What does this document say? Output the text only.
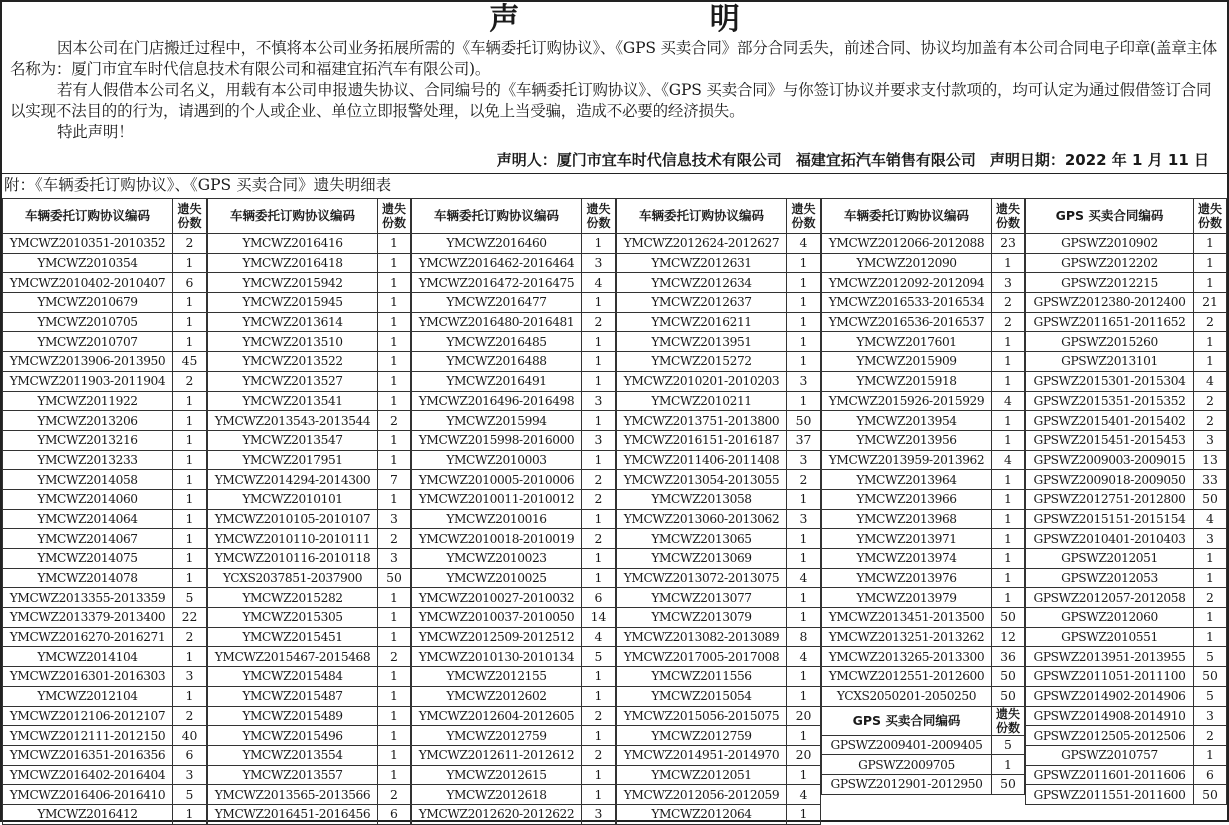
声 明

因本公司在门店搬迁过程中，不慎将本公司业务拓展所需的《车辆委托订购协议》、《GPS 买卖合同》部分合同丢失，前述合同、协议均加盖有本公司合同电子印章(盖章主体名称为：厦门市宜车时代信息技术有限公司和福建宜拓汽车有限公司)。

若有人假借本公司名义，用载有本公司申报遗失协议、合同编号的《车辆委托订购协议》、《GPS 买卖合同》与你签订协议并要求支付款项的，均可认定为通过假借签订合同以实现不法目的的行为，请遇到的个人或企业、单位立即报警处理，以免上当受骗，造成不必要的经济损失。

特此声明！

声明人：厦门市宜车时代信息技术有限公司 福建宜拓汽车销售有限公司 声明日期：2022 年 1 月 11 日
附：《车辆委托订购协议》、《GPS 买卖合同》遗失明细表
车辆委托订购协议编码	遗失份数
YMCWZ2010351-2010352	2
YMCWZ2010354	1
YMCWZ2010402-2010407	6
YMCWZ2010679	1
YMCWZ2010705	1
YMCWZ2010707	1
YMCWZ2013906-2013950	45
YMCWZ2011903-2011904	2
YMCWZ2011922	1
YMCWZ2013206	1
YMCWZ2013216	1
YMCWZ2013233	1
YMCWZ2014058	1
YMCWZ2014060	1
YMCWZ2014064	1
YMCWZ2014067	1
YMCWZ2014075	1
YMCWZ2014078	1
YMCWZ2013355-2013359	5
YMCWZ2013379-2013400	22
YMCWZ2016270-2016271	2
YMCWZ2014104	1
YMCWZ2016301-2016303	3
YMCWZ2012104	1
YMCWZ2012106-2012107	2
YMCWZ2012111-2012150	40
YMCWZ2016351-2016356	6
YMCWZ2016402-2016404	3
YMCWZ2016406-2016410	5
YMCWZ2016412	1
车辆委托订购协议编码	遗失份数
YMCWZ2016416	1
YMCWZ2016418	1
YMCWZ2015942	1
YMCWZ2015945	1
YMCWZ2013614	1
YMCWZ2013510	1
YMCWZ2013522	1
YMCWZ2013527	1
YMCWZ2013541	1
YMCWZ2013543-2013544	2
YMCWZ2013547	1
YMCWZ2017951	1
YMCWZ2014294-2014300	7
YMCWZ2010101	1
YMCWZ2010105-2010107	3
YMCWZ2010110-2010111	2
YMCWZ2010116-2010118	3
YCXS2037851-2037900	50
YMCWZ2015282	1
YMCWZ2015305	1
YMCWZ2015451	1
YMCWZ2015467-2015468	2
YMCWZ2015484	1
YMCWZ2015487	1
YMCWZ2015489	1
YMCWZ2015496	1
YMCWZ2013554	1
YMCWZ2013557	1
YMCWZ2013565-2013566	2
YMCWZ2016451-2016456	6
车辆委托订购协议编码	遗失份数
YMCWZ2016460	1
YMCWZ2016462-2016464	3
YMCWZ2016472-2016475	4
YMCWZ2016477	1
YMCWZ2016480-2016481	2
YMCWZ2016485	1
YMCWZ2016488	1
YMCWZ2016491	1
YMCWZ2016496-2016498	3
YMCWZ2015994	1
YMCWZ2015998-2016000	3
YMCWZ2010003	1
YMCWZ2010005-2010006	2
YMCWZ2010011-2010012	2
YMCWZ2010016	1
YMCWZ2010018-2010019	2
YMCWZ2010023	1
YMCWZ2010025	1
YMCWZ2010027-2010032	6
YMCWZ2010037-2010050	14
YMCWZ2012509-2012512	4
YMCWZ2010130-2010134	5
YMCWZ2012155	1
YMCWZ2012602	1
YMCWZ2012604-2012605	2
YMCWZ2012759	1
YMCWZ2012611-2012612	2
YMCWZ2012615	1
YMCWZ2012618	1
YMCWZ2012620-2012622	3
车辆委托订购协议编码	遗失份数
YMCWZ2012624-2012627	4
YMCWZ2012631	1
YMCWZ2012634	1
YMCWZ2012637	1
YMCWZ2016211	1
YMCWZ2013951	1
YMCWZ2015272	1
YMCWZ2010201-2010203	3
YMCWZ2010211	1
YMCWZ2013751-2013800	50
YMCWZ2016151-2016187	37
YMCWZ2011406-2011408	3
YMCWZ2013054-2013055	2
YMCWZ2013058	1
YMCWZ2013060-2013062	3
YMCWZ2013065	1
YMCWZ2013069	1
YMCWZ2013072-2013075	4
YMCWZ2013077	1
YMCWZ2013079	1
YMCWZ2013082-2013089	8
YMCWZ2017005-2017008	4
YMCWZ2011556	1
YMCWZ2015054	1
YMCWZ2015056-2015075	20
YMCWZ2012759	1
YMCWZ2014951-2014970	20
YMCWZ2012051	1
YMCWZ2012056-2012059	4
YMCWZ2012064	1
车辆委托订购协议编码	遗失份数
YMCWZ2012066-2012088	23
YMCWZ2012090	1
YMCWZ2012092-2012094	3
YMCWZ2016533-2016534	2
YMCWZ2016536-2016537	2
YMCWZ2017601	1
YMCWZ2015909	1
YMCWZ2015918	1
YMCWZ2015926-2015929	4
YMCWZ2013954	1
YMCWZ2013956	1
YMCWZ2013959-2013962	4
YMCWZ2013964	1
YMCWZ2013966	1
YMCWZ2013968	1
YMCWZ2013971	1
YMCWZ2013974	1
YMCWZ2013976	1
YMCWZ2013979	1
YMCWZ2013451-2013500	50
YMCWZ2013251-2013262	12
YMCWZ2013265-2013300	36
YMCWZ2012551-2012600	50
YCXS2050201-2050250	50
GPS 买卖合同编码	遗失份数
GPSWZ2009401-2009405	5
GPSWZ2009705	1
GPSWZ2012901-2012950	50
GPS 买卖合同编码	遗失份数
GPSWZ2010902	1
GPSWZ2012202	1
GPSWZ2012215	1
GPSWZ2012380-2012400	21
GPSWZ2011651-2011652	2
GPSWZ2015260	1
GPSWZ2013101	1
GPSWZ2015301-2015304	4
GPSWZ2015351-2015352	2
GPSWZ2015401-2015402	2
GPSWZ2015451-2015453	3
GPSWZ2009003-2009015	13
GPSWZ2009018-2009050	33
GPSWZ2012751-2012800	50
GPSWZ2015151-2015154	4
GPSWZ2010401-2010403	3
GPSWZ2012051	1
GPSWZ2012053	1
GPSWZ2012057-2012058	2
GPSWZ2012060	1
GPSWZ2010551	1
GPSWZ2013951-2013955	5
GPSWZ2011051-2011100	50
GPSWZ2014902-2014906	5
GPSWZ2014908-2014910	3
GPSWZ2012505-2012506	2
GPSWZ2010757	1
GPSWZ2011601-2011606	6
GPSWZ2011551-2011600	50
